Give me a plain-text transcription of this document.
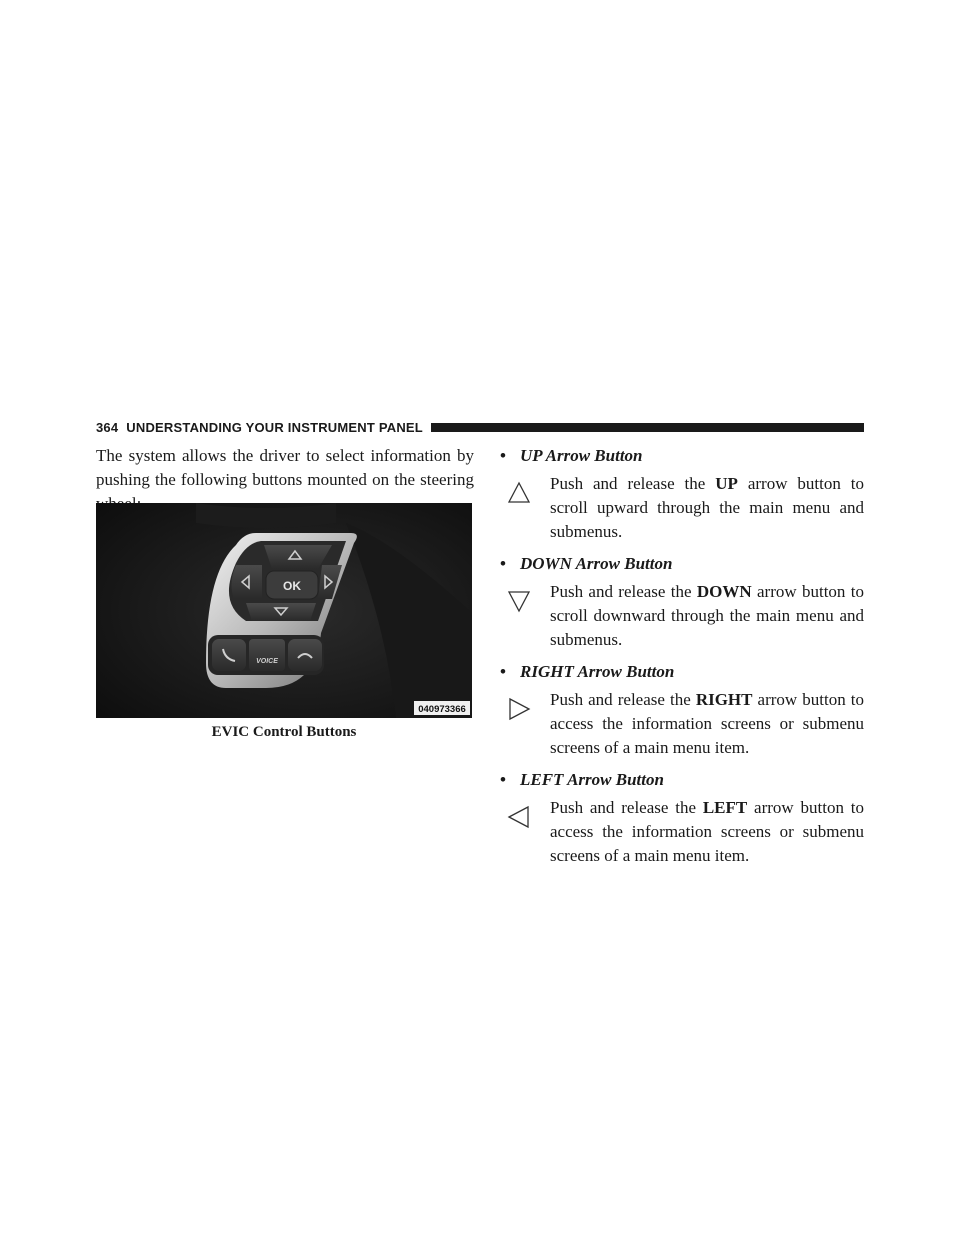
364 UNDERSTANDING YOUR INSTRUMENT PANEL

The system allows the driver to select information by pushing the following buttons mounted on the steering

OK
VOICE
040973366
EVIC Control Buttons
• UP Arrow Button

Push and release the UP arrow button to scroll upward through the main menu and submenus.

• DOWN Arrow Button

Push and release the DOWN arrow button to scroll downward through the main menu and submenus.

• RIGHT Arrow Button

Push and release the RIGHT arrow button to access the information screens or submenu screens of a main menu item.

• LEFT Arrow Button

Push and release the LEFT arrow button to access the information screens or submenu screens of a main menu item.
